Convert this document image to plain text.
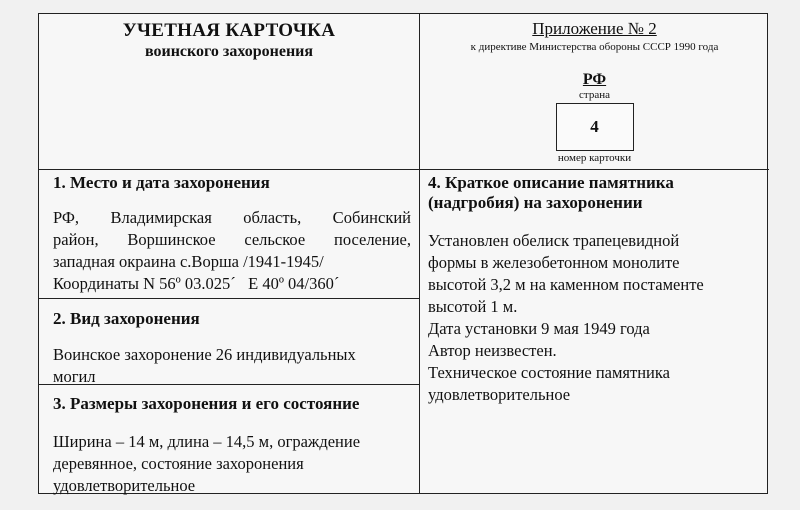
УЧЕТНАЯ КАРТОЧКА
воинского захоронения
Приложение № 2
к директиве Министерства обороны СССР 1990 года
РФ
страна
4
номер карточки
1. Место и дата захоронения
РФ, Владимирская область, Собинский
район, Воршинское сельское поселение,
западная окраина с.Ворша /1941-1945/
Координаты N 56º 03.025´   E 40º 04/360´
2. Вид захоронения
Воинское захоронение 26 индивидуальных
могил
3. Размеры захоронения и его состояние
Ширина – 14 м, длина – 14,5 м, ограждение
деревянное, состояние захоронения
удовлетворительное
4. Краткое описание памятника
(надгробия) на захоронении
Установлен обелиск трапецевидной
формы в железобетонном монолите
высотой 3,2 м на каменном постаменте
высотой 1 м.
Дата установки 9 мая 1949 года
Автор неизвестен.
Техническое состояние памятника
удовлетворительное
